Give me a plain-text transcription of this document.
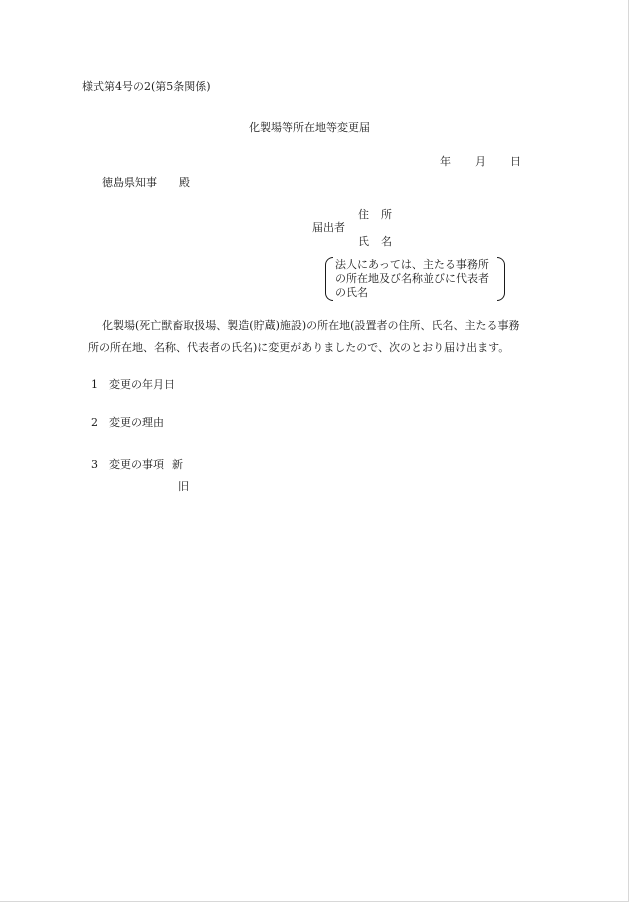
様式第4号の2(第5条関係)
化製場等所在地等変更届
年 月 日
徳島県知事 殿
届出者
住 所
氏 名
法人にあっては、主たる事務所
の所在地及び名称並びに代表者
の氏名
化製場(死亡獣畜取扱場、製造(貯蔵)施設)の所在地(設置者の住所、氏名、主たる事務
所の所在地、名称、代表者の氏名)に変更がありましたので、次のとおり届け出ます。
1 変更の年月日
2 変更の理由
3 変更の事項 新
旧
